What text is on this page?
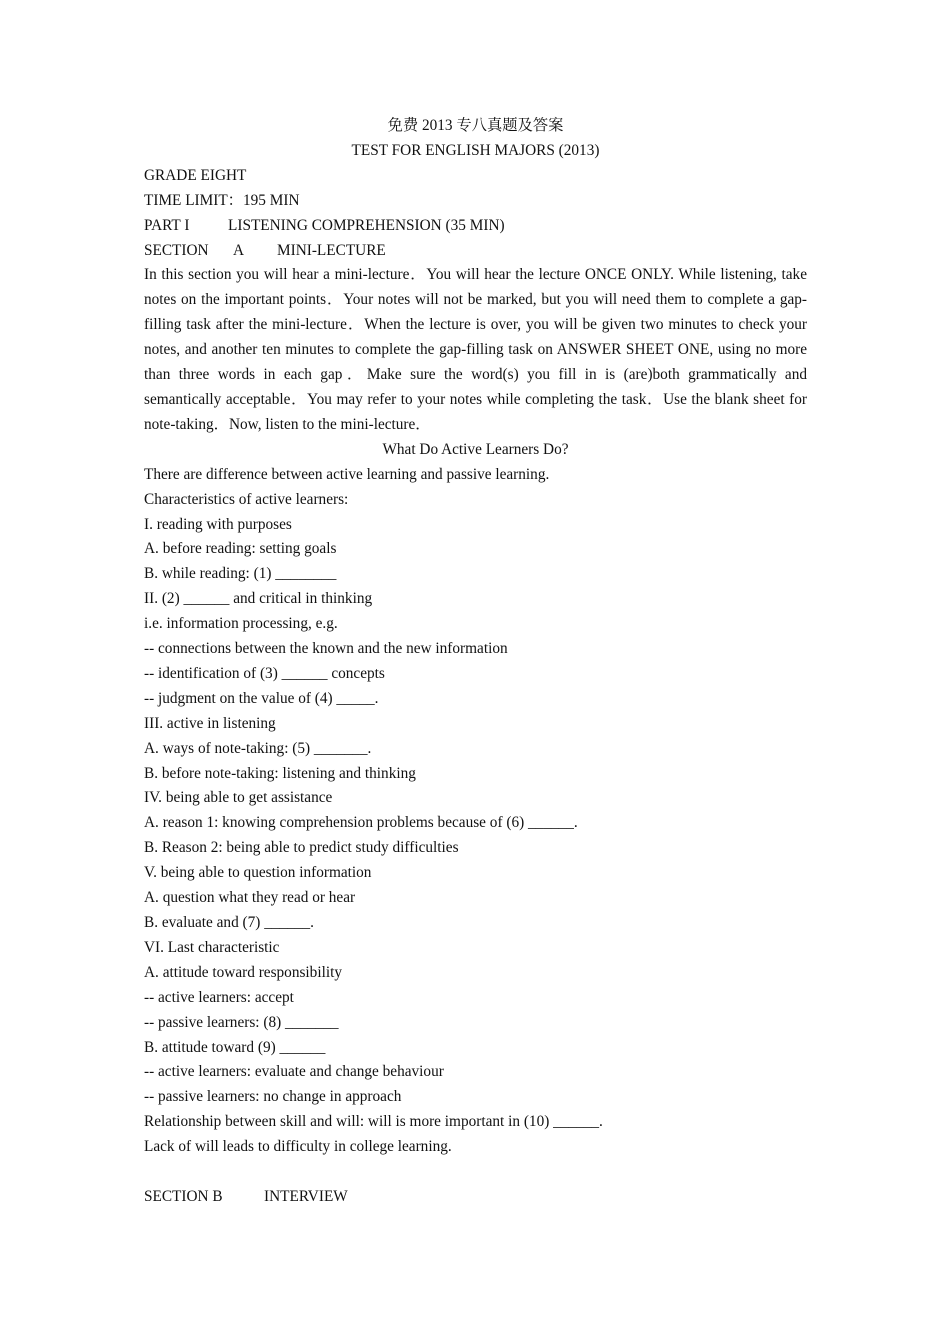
免费 2013 专八真题及答案
TEST FOR ENGLISH MAJORS (2013)
GRADE EIGHT
TIME LIMIT：195 MIN
PART I	LISTENING COMPREHENSION (35 MIN)
SECTION A MINI-LECTURE
In this section you will hear a mini-lecture．You will hear the lecture ONCE ONLY. While listening, take notes on the important points．Your notes will not be marked, but you will need them to complete a gap-filling task after the mini-lecture．When the lecture is over, you will be given two minutes to check your notes, and another ten minutes to complete the gap-filling task on ANSWER SHEET ONE, using no more than three words in each gap．Make sure the word(s) you fill in is (are)both grammatically and semantically acceptable．You may refer to your notes while completing the task．Use the blank sheet for note-taking．Now, listen to the mini-lecture．
What Do Active Learners Do?
There are difference between active learning and passive learning.
Characteristics of active learners:
I. reading with purposes
A. before reading: setting goals
B. while reading: (1) ________
II. (2) ______ and critical in thinking
i.e. information processing, e.g.
-- connections between the known and the new information
-- identification of (3) ______ concepts
-- judgment on the value of (4) _____.
III. active in listening
A. ways of note-taking: (5) _______.
B. before note-taking: listening and thinking
IV. being able to get assistance
A. reason 1: knowing comprehension problems because of (6) ______.
B. Reason 2: being able to predict study difficulties
V. being able to question information
A. question what they read or hear
B. evaluate and (7) ______.
VI. Last characteristic
A. attitude toward responsibility
-- active learners: accept
-- passive learners: (8) _______
B. attitude toward (9) ______
-- active learners: evaluate and change behaviour
-- passive learners: no change in approach
Relationship between skill and will: will is more important in (10) ______.
Lack of will leads to difficulty in college learning.
SECTION B	INTERVIEW
